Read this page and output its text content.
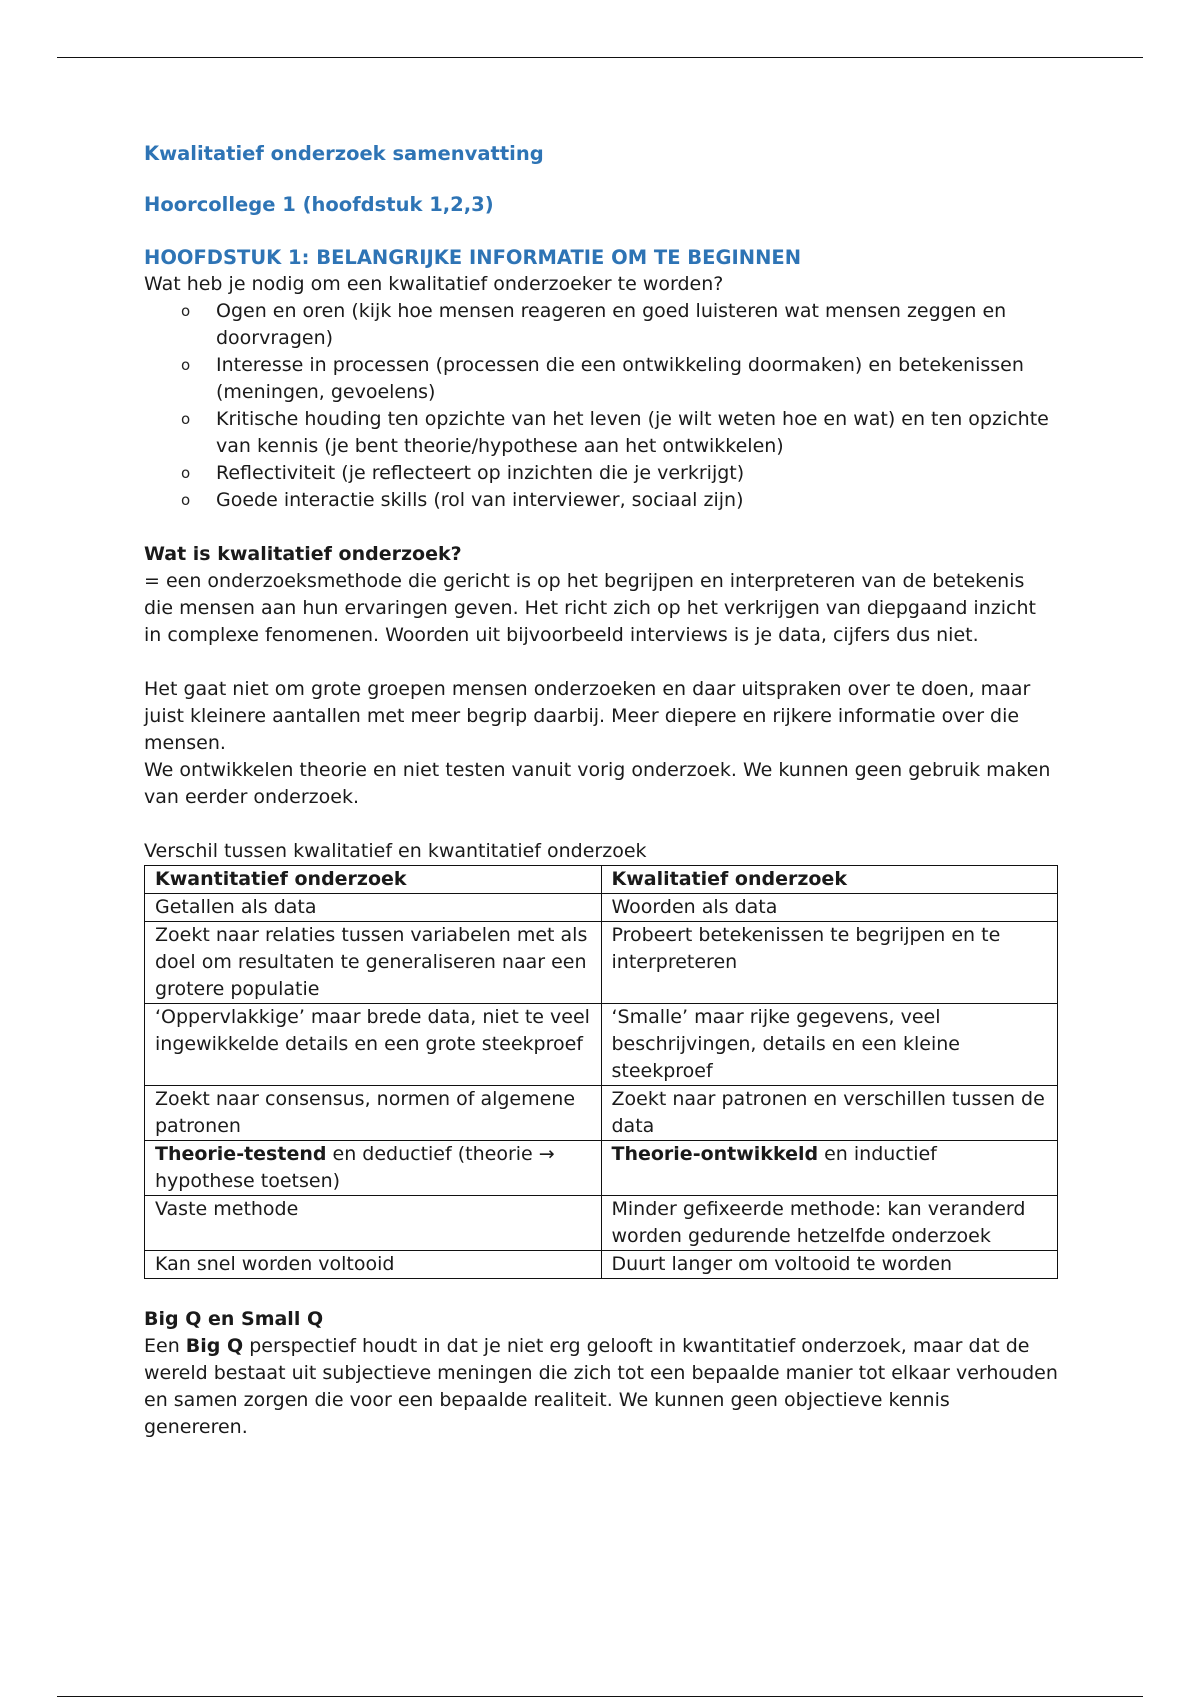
Kwalitatief onderzoek samenvatting

Hoorcollege 1 (hoofdstuk 1,2,3)

HOOFDSTUK 1: BELANGRIJKE INFORMATIE OM TE BEGINNEN

Wat heb je nodig om een kwalitatief onderzoeker te worden?

o Ogen en oren (kijk hoe mensen reageren en goed luisteren wat mensen zeggen en doorvragen)
o Interesse in processen (processen die een ontwikkeling doormaken) en betekenissen (meningen, gevoelens)
o Kritische houding ten opzichte van het leven (je wilt weten hoe en wat) en ten opzichte van kennis (je bent theorie/hypothese aan het ontwikkelen)
o Reflectiviteit (je reflecteert op inzichten die je verkrijgt)
o Goede interactie skills (rol van interviewer, sociaal zijn)

Wat is kwalitatief onderzoek?

= een onderzoeksmethode die gericht is op het begrijpen en interpreteren van de betekenis die mensen aan hun ervaringen geven. Het richt zich op het verkrijgen van diepgaand inzicht in complexe fenomenen. Woorden uit bijvoorbeeld interviews is je data, cijfers dus niet.

Het gaat niet om grote groepen mensen onderzoeken en daar uitspraken over te doen, maar juist kleinere aantallen met meer begrip daarbij. Meer diepere en rijkere informatie over die mensen.

We ontwikkelen theorie en niet testen vanuit vorig onderzoek. We kunnen geen gebruik maken van eerder onderzoek.

Verschil tussen kwalitatief en kwantitatief onderzoek

Kwantitatief onderzoek	Kwalitatief onderzoek
Getallen als data	Woorden als data
Zoekt naar relaties tussen variabelen met als doel om resultaten te generaliseren naar een grotere populatie	Probeert betekenissen te begrijpen en te interpreteren
‘Oppervlakkige’ maar brede data, niet te veel ingewikkelde details en een grote steekproef	‘Smalle’ maar rijke gegevens, veel beschrijvingen, details en een kleine steekproef
Zoekt naar consensus, normen of algemene patronen	Zoekt naar patronen en verschillen tussen de data
Theorie-testend en deductief (theorie → hypothese toetsen)	Theorie-ontwikkeld en inductief
Vaste methode	Minder gefixeerde methode: kan veranderd worden gedurende hetzelfde onderzoek
Kan snel worden voltooid	Duurt langer om voltooid te worden

Big Q en Small Q

Een Big Q perspectief houdt in dat je niet erg gelooft in kwantitatief onderzoek, maar dat de wereld bestaat uit subjectieve meningen die zich tot een bepaalde manier tot elkaar verhouden en samen zorgen die voor een bepaalde realiteit. We kunnen geen objectieve kennis genereren.
